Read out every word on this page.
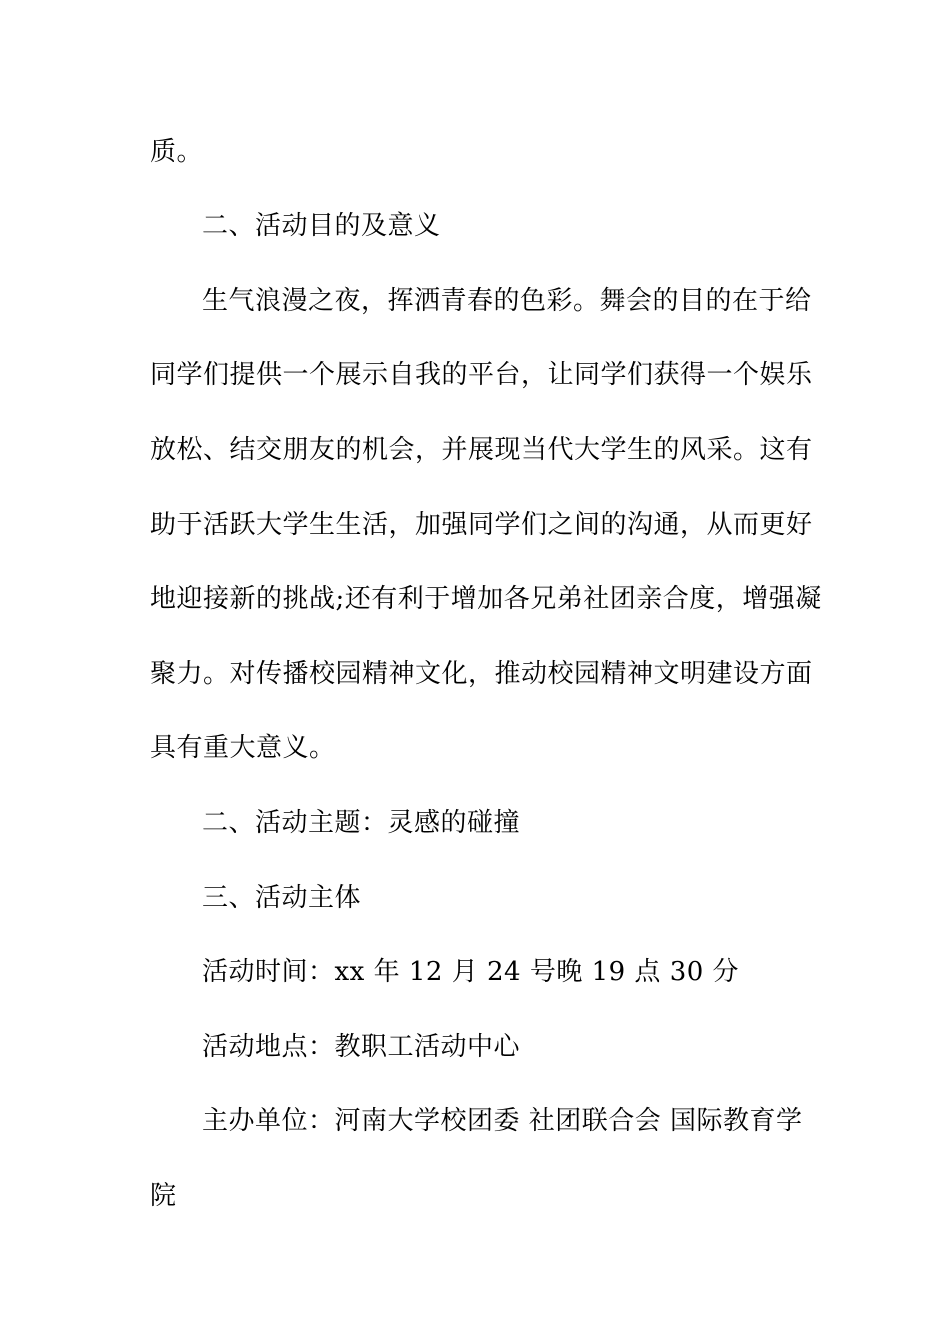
质。
二、活动目的及意义
生气浪漫之夜，挥洒青春的色彩。舞会的目的在于给
同学们提供一个展示自我的平台，让同学们获得一个娱乐
放松、结交朋友的机会，并展现当代大学生的风采。这有
助于活跃大学生生活，加强同学们之间的沟通，从而更好
地迎接新的挑战;还有利于增加各兄弟社团亲合度，增强凝
聚力。对传播校园精神文化，推动校园精神文明建设方面
具有重大意义。
二、活动主题：灵感的碰撞
三、活动主体
活动时间：xx 年 12 月 24 号晚 19 点 30 分
活动地点：教职工活动中心
主办单位：河南大学校团委 社团联合会 国际教育学
院
